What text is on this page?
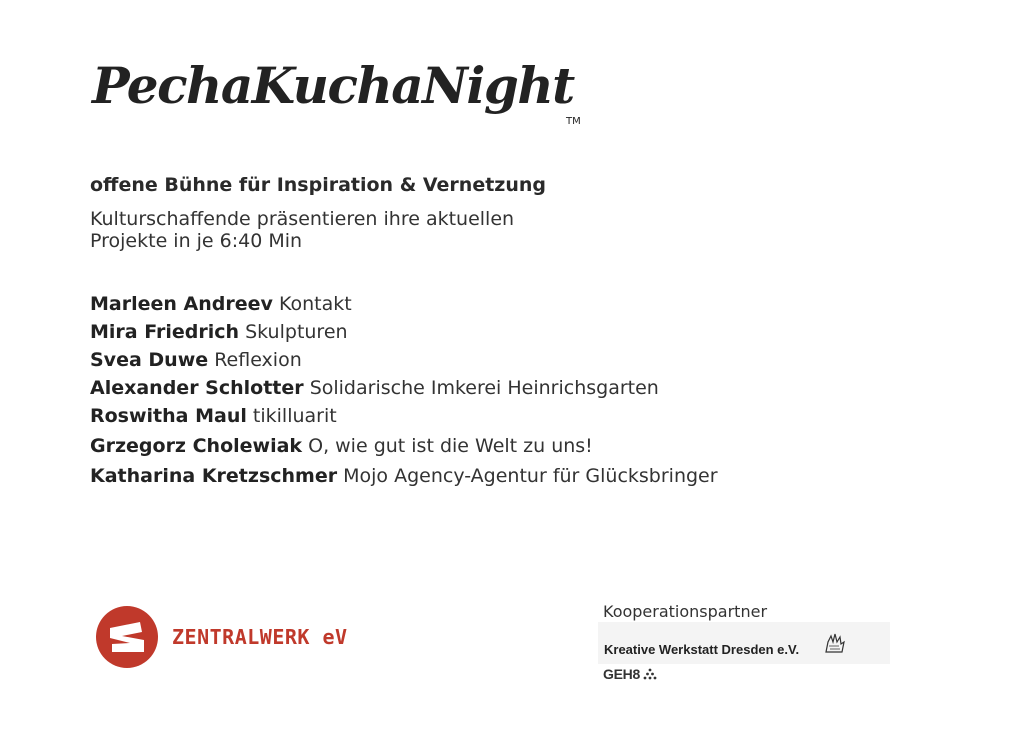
PechaKuchaNight
TM
offene Bühne für Inspiration & Vernetzung
Kulturschaffende präsentieren ihre aktuellen
Projekte in je 6:40 Min
Marleen Andreev Kontakt
Mira Friedrich Skulpturen
Svea Duwe Reflexion
Alexander Schlotter Solidarische Imkerei Heinrichsgarten
Roswitha Maul tikilluarit
Grzegorz Cholewiak O, wie gut ist die Welt zu uns!
Katharina Kretzschmer Mojo Agency-Agentur für Glücksbringer
ZENTRALWERK eV
Kooperationspartner
Kreative Werkstatt Dresden e.V.
GEH8
